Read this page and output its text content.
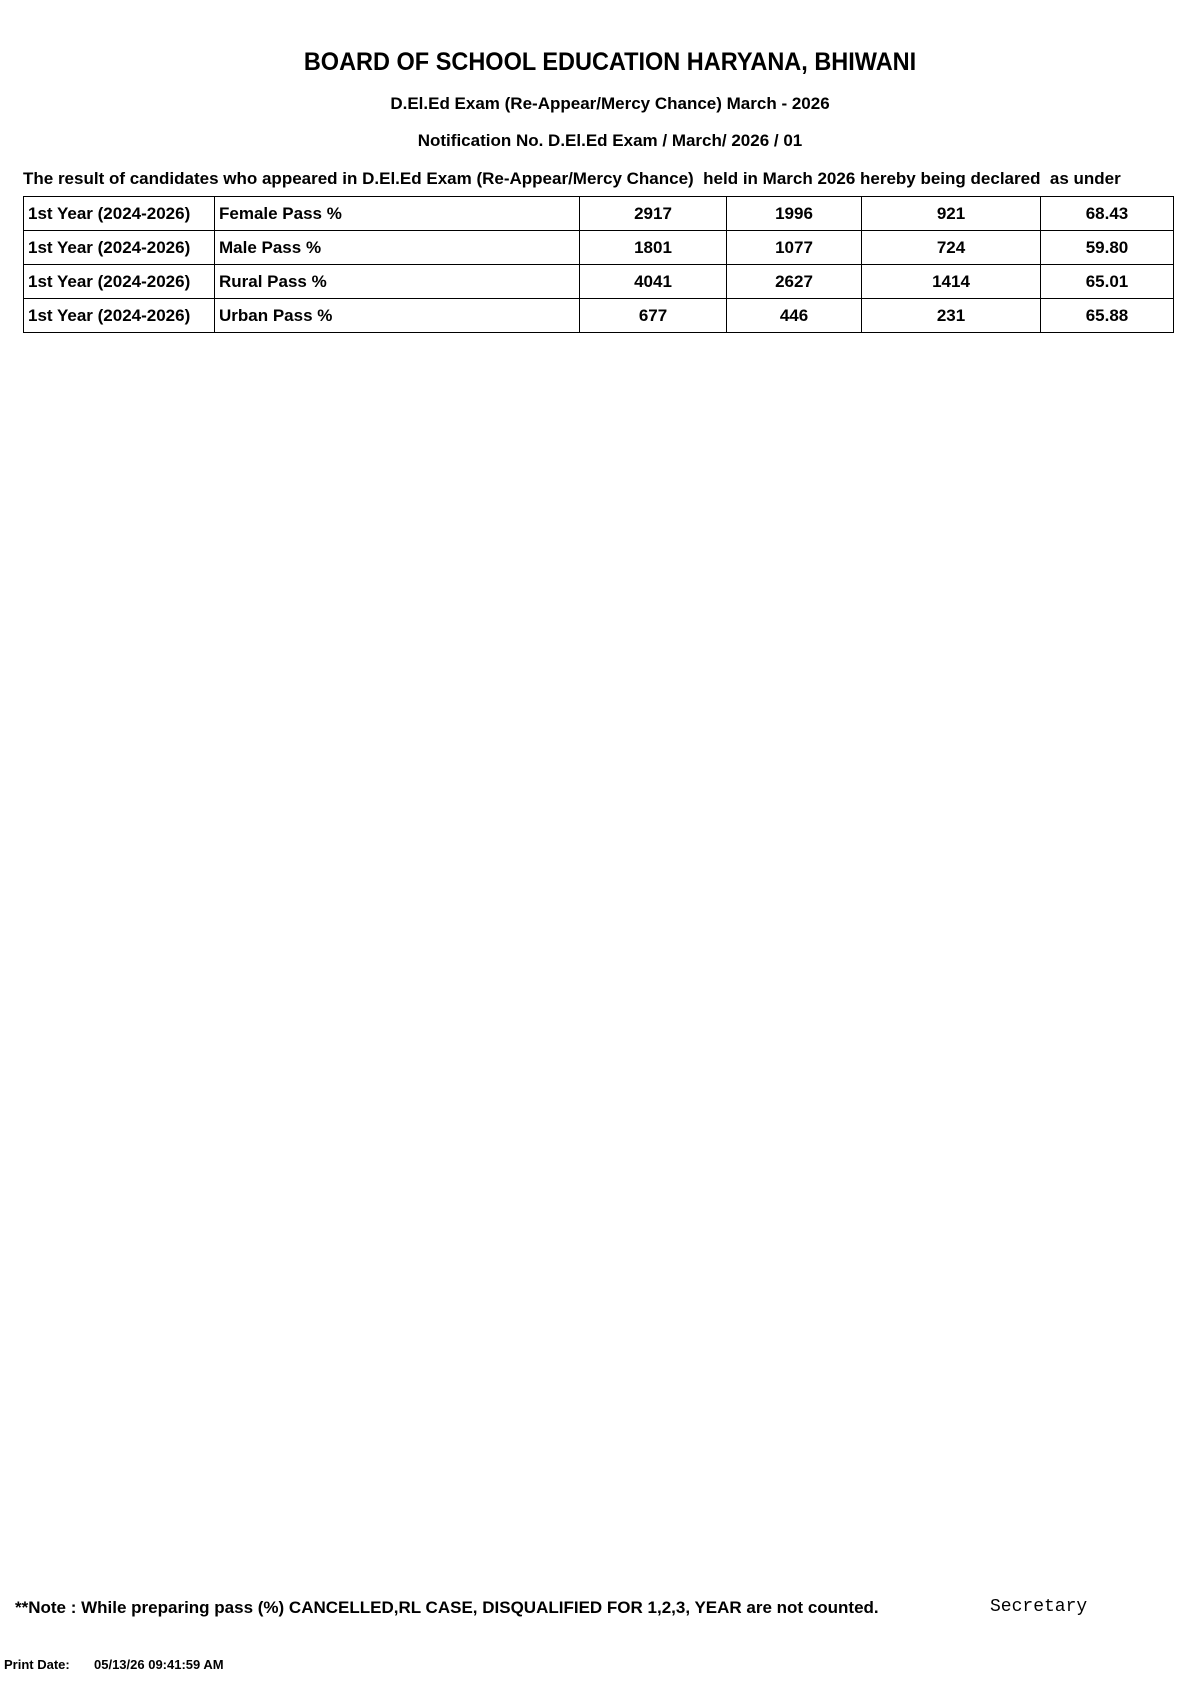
BOARD OF SCHOOL EDUCATION HARYANA, BHIWANI
D.El.Ed Exam (Re-Appear/Mercy Chance) March - 2026
Notification No. D.El.Ed Exam / March/ 2026 / 01
The result of candidates who appeared in D.El.Ed Exam (Re-Appear/Mercy Chance)  held in March 2026 hereby being declared  as under
1st Year (2024-2026)	Female Pass %	2917	1996	921	68.43
1st Year (2024-2026)	Male Pass %	1801	1077	724	59.80
1st Year (2024-2026)	Rural Pass %	4041	2627	1414	65.01
1st Year (2024-2026)	Urban Pass %	677	446	231	65.88
**Note : While preparing pass (%) CANCELLED,RL CASE, DISQUALIFIED FOR 1,2,3, YEAR are not counted.	Secretary
Print Date: 05/13/26 09:41:59 AM
